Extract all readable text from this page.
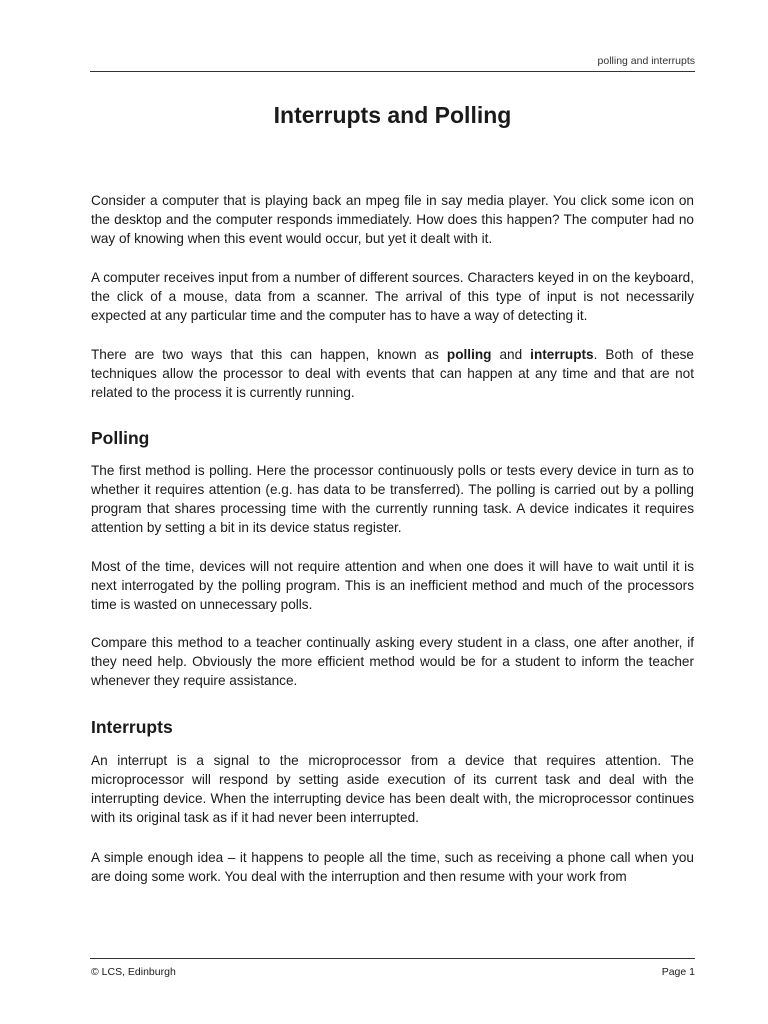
polling and interrupts
Interrupts and Polling

Consider a computer that is playing back an mpeg file in say media player. You click some icon on the desktop and the computer responds immediately. How does this happen? The computer had no way of knowing when this event would occur, but yet it dealt with it.

A computer receives input from a number of different sources. Characters keyed in on the keyboard, the click of a mouse, data from a scanner. The arrival of this type of input is not necessarily expected at any particular time and the computer has to have a way of detecting it.

There are two ways that this can happen, known as polling and interrupts. Both of these techniques allow the processor to deal with events that can happen at any time and that are not related to the process it is currently running.

Polling

The first method is polling. Here the processor continuously polls or tests every device in turn as to whether it requires attention (e.g. has data to be transferred). The polling is carried out by a polling program that shares processing time with the currently running task. A device indicates it requires attention by setting a bit in its device status register.

Most of the time, devices will not require attention and when one does it will have to wait until it is next interrogated by the polling program. This is an inefficient method and much of the processors time is wasted on unnecessary polls.

Compare this method to a teacher continually asking every student in a class, one after another, if they need help. Obviously the more efficient method would be for a student to inform the teacher whenever they require assistance.

Interrupts

An interrupt is a signal to the microprocessor from a device that requires attention. The microprocessor will respond by setting aside execution of its current task and deal with the interrupting device. When the interrupting device has been dealt with, the microprocessor continues with its original task as if it had never been interrupted.

A simple enough idea – it happens to people all the time, such as receiving a phone call when you are doing some work. You deal with the interruption and then resume with your work from

© LCS, Edinburgh	Page 1
